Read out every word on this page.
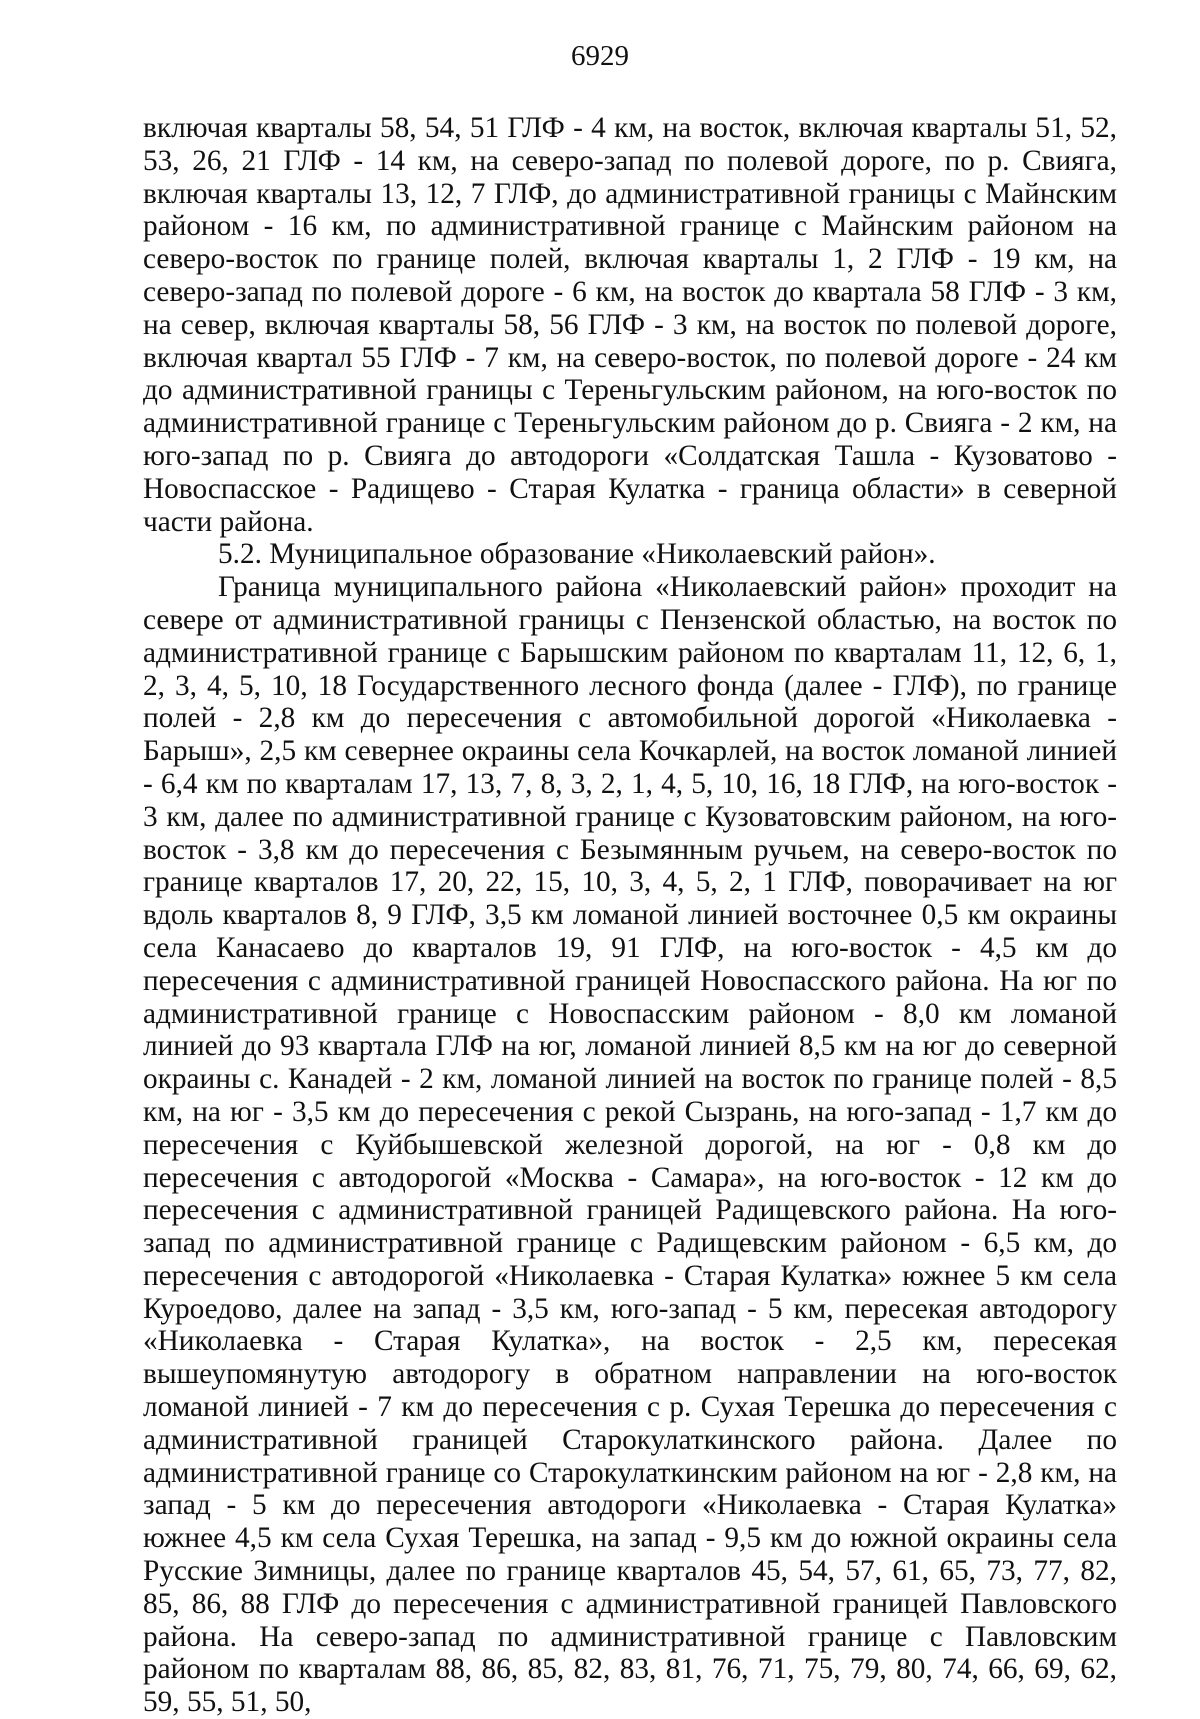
6929

включая кварталы 58, 54, 51 ГЛФ - 4 км, на восток, включая кварталы 51, 52, 53, 26, 21 ГЛФ - 14 км, на северо-запад по полевой дороге, по р. Свияга, включая кварталы 13, 12, 7 ГЛФ, до административной границы с Майнским районом - 16 км, по административной границе с Майнским районом на северо-восток по границе полей, включая кварталы 1, 2 ГЛФ - 19 км, на северо-запад по полевой дороге - 6 км, на восток до квартала 58 ГЛФ - 3 км, на север, включая кварталы 58, 56 ГЛФ - 3 км, на восток по полевой дороге, включая квартал 55 ГЛФ - 7 км, на северо-восток, по полевой дороге - 24 км до административной границы с Тереньгульским районом, на юго-восток по административной границе с Тереньгульским районом до р. Свияга - 2 км, на юго-запад по р. Свияга до автодороги «Солдатская Ташла - Кузоватово - Новоспасское - Радищево - Старая Кулатка - граница области» в северной части района.

5.2. Муниципальное образование «Николаевский район».

Граница муниципального района «Николаевский район» проходит на севере от административной границы с Пензенской областью, на восток по административной границе с Барышским районом по кварталам 11, 12, 6, 1, 2, 3, 4, 5, 10, 18 Государственного лесного фонда (далее - ГЛФ), по границе полей - 2,8 км до пересечения с автомобильной дорогой «Николаевка - Барыш», 2,5 км севернее окраины села Кочкарлей, на восток ломаной линией - 6,4 км по кварталам 17, 13, 7, 8, 3, 2, 1, 4, 5, 10, 16, 18 ГЛФ, на юго-восток - 3 км, далее по административной границе с Кузоватовским районом, на юго-восток - 3,8 км до пересечения с Безымянным ручьем, на северо-восток по границе кварталов 17, 20, 22, 15, 10, 3, 4, 5, 2, 1 ГЛФ, поворачивает на юг вдоль кварталов 8, 9 ГЛФ, 3,5 км ломаной линией восточнее 0,5 км окраины села Канасаево до кварталов 19, 91 ГЛФ, на юго-восток - 4,5 км до пересечения с административной границей Новоспасского района. На юг по административной границе с Новоспасским районом - 8,0 км ломаной линией до 93 квартала ГЛФ на юг, ломаной линией 8,5 км на юг до северной окраины с. Канадей - 2 км, ломаной линией на восток по границе полей - 8,5 км, на юг - 3,5 км до пересечения с рекой Сызрань, на юго-запад - 1,7 км до пересечения с Куйбышевской железной дорогой, на юг - 0,8 км до пересечения с автодорогой «Москва - Самара», на юго-восток - 12 км до пересечения с административной границей Радищевского района. На юго-запад по административной границе с Радищевским районом - 6,5 км, до пересечения с автодорогой «Николаевка - Старая Кулатка» южнее 5 км села Куроедово, далее на запад - 3,5 км, юго-запад - 5 км, пересекая автодорогу «Николаевка - Старая Кулатка», на восток - 2,5 км, пересекая вышеупомянутую автодорогу в обратном направлении на юго-восток ломаной линией - 7 км до пересечения с р. Сухая Терешка до пересечения с административной границей Старокулаткинского района. Далее по административной границе со Старокулаткинским районом на юг - 2,8 км, на запад - 5 км до пересечения автодороги «Николаевка - Старая Кулатка» южнее 4,5 км села Сухая Терешка, на запад - 9,5 км до южной окраины села Русские Зимницы, далее по границе кварталов 45, 54, 57, 61, 65, 73, 77, 82, 85, 86, 88 ГЛФ до пересечения с административной границей Павловского района. На северо-запад по административной границе с Павловским районом по кварталам 88, 86, 85, 82, 83, 81, 76, 71, 75, 79, 80, 74, 66, 69, 62, 59, 55, 51, 50,
